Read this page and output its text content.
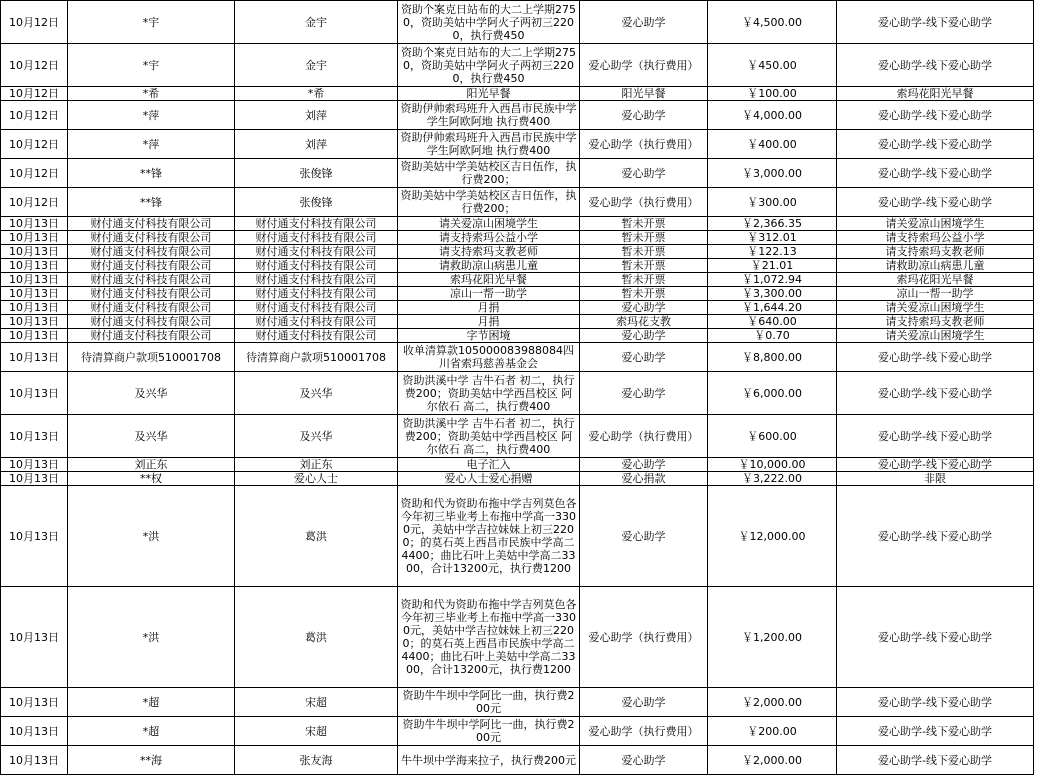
10月12日	*宇	金宇	资助个案克日站布的大二上学期2750，资助美姑中学阿火子两初三2200，执行费450	爱心助学	￥4,500.00	爱心助学-线下爱心助学
10月12日	*宇	金宇	资助个案克日站布的大二上学期2750，资助美姑中学阿火子两初三2200，执行费450	爱心助学（执行费用）	￥450.00	爱心助学-线下爱心助学
10月12日	*希	*希	阳光早餐	阳光早餐	￥100.00	索玛花阳光早餐
10月12日	*萍	刘萍	资助伊帅索玛班升入西昌市民族中学学生阿欧阿地 执行费400	爱心助学	￥4,000.00	爱心助学-线下爱心助学
10月12日	*萍	刘萍	资助伊帅索玛班升入西昌市民族中学学生阿欧阿地 执行费400	爱心助学（执行费用）	￥400.00	爱心助学-线下爱心助学
10月12日	**锋	张俊锋	资助美姑中学美姑校区吉日伍作，执行费200；	爱心助学	￥3,000.00	爱心助学-线下爱心助学
10月12日	**锋	张俊锋	资助美姑中学美姑校区吉日伍作，执行费200；	爱心助学（执行费用）	￥300.00	爱心助学-线下爱心助学
10月13日	财付通支付科技有限公司	财付通支付科技有限公司	请关爱凉山困境学生	暂未开票	￥2,366.35	请关爱凉山困境学生
10月13日	财付通支付科技有限公司	财付通支付科技有限公司	请支持索玛公益小学	暂未开票	￥312.01	请支持索玛公益小学
10月13日	财付通支付科技有限公司	财付通支付科技有限公司	请支持索玛支教老师	暂未开票	￥122.13	请支持索玛支教老师
10月13日	财付通支付科技有限公司	财付通支付科技有限公司	请救助凉山病患儿童	暂未开票	￥21.01	请救助凉山病患儿童
10月13日	财付通支付科技有限公司	财付通支付科技有限公司	索玛花阳光早餐	暂未开票	￥1,072.94	索玛花阳光早餐
10月13日	财付通支付科技有限公司	财付通支付科技有限公司	凉山一帮一助学	暂未开票	￥3,300.00	凉山一帮一助学
10月13日	财付通支付科技有限公司	财付通支付科技有限公司	月捐	爱心助学	￥1,644.20	请关爱凉山困境学生
10月13日	财付通支付科技有限公司	财付通支付科技有限公司	月捐	索玛花支教	￥640.00	请支持索玛支教老师
10月13日	财付通支付科技有限公司	财付通支付科技有限公司	字节困境	爱心助学	￥0.70	请关爱凉山困境学生
10月13日	待清算商户款项510001708	待清算商户款项510001708	收单清算款105000083988084四川省索玛慈善基金会	爱心助学	￥8,800.00	爱心助学-线下爱心助学
10月13日	及兴华	及兴华	资助洪溪中学 吉牛石者 初二，执行费200；资助美姑中学西昌校区 阿尔依石 高二，执行费400	爱心助学	￥6,000.00	爱心助学-线下爱心助学
10月13日	及兴华	及兴华	资助洪溪中学 吉牛石者 初二，执行费200；资助美姑中学西昌校区 阿尔依石 高二，执行费400	爱心助学（执行费用）	￥600.00	爱心助学-线下爱心助学
10月13日	刘正东	刘正东	电子汇入	爱心助学	￥10,000.00	爱心助学-线下爱心助学
10月13日	**权	爱心人士	爱心人士爱心捐赠	爱心捐款	￥3,222.00	非限
10月13日	*洪	葛洪	资助和代为资助布拖中学吉列莫色各今年初三毕业考上布拖中学高一3300元，美姑中学吉拉妹妹上初三2200；的莫石英上西昌市民族中学高二4400；曲比石叶上美姑中学高二3300，合计13200元，执行费1200	爱心助学	￥12,000.00	爱心助学-线下爱心助学
10月13日	*洪	葛洪	资助和代为资助布拖中学吉列莫色各今年初三毕业考上布拖中学高一3300元，美姑中学吉拉妹妹上初三2200；的莫石英上西昌市民族中学高二4400；曲比石叶上美姑中学高二3300，合计13200元，执行费1200	爱心助学（执行费用）	￥1,200.00	爱心助学-线下爱心助学
10月13日	*超	宋超	资助牛牛坝中学阿比一曲，执行费200元	爱心助学	￥2,000.00	爱心助学-线下爱心助学
10月13日	*超	宋超	资助牛牛坝中学阿比一曲，执行费200元	爱心助学（执行费用）	￥200.00	爱心助学-线下爱心助学
10月13日	**海	张友海	牛牛坝中学海来拉子，执行费200元	爱心助学	￥2,000.00	爱心助学-线下爱心助学
